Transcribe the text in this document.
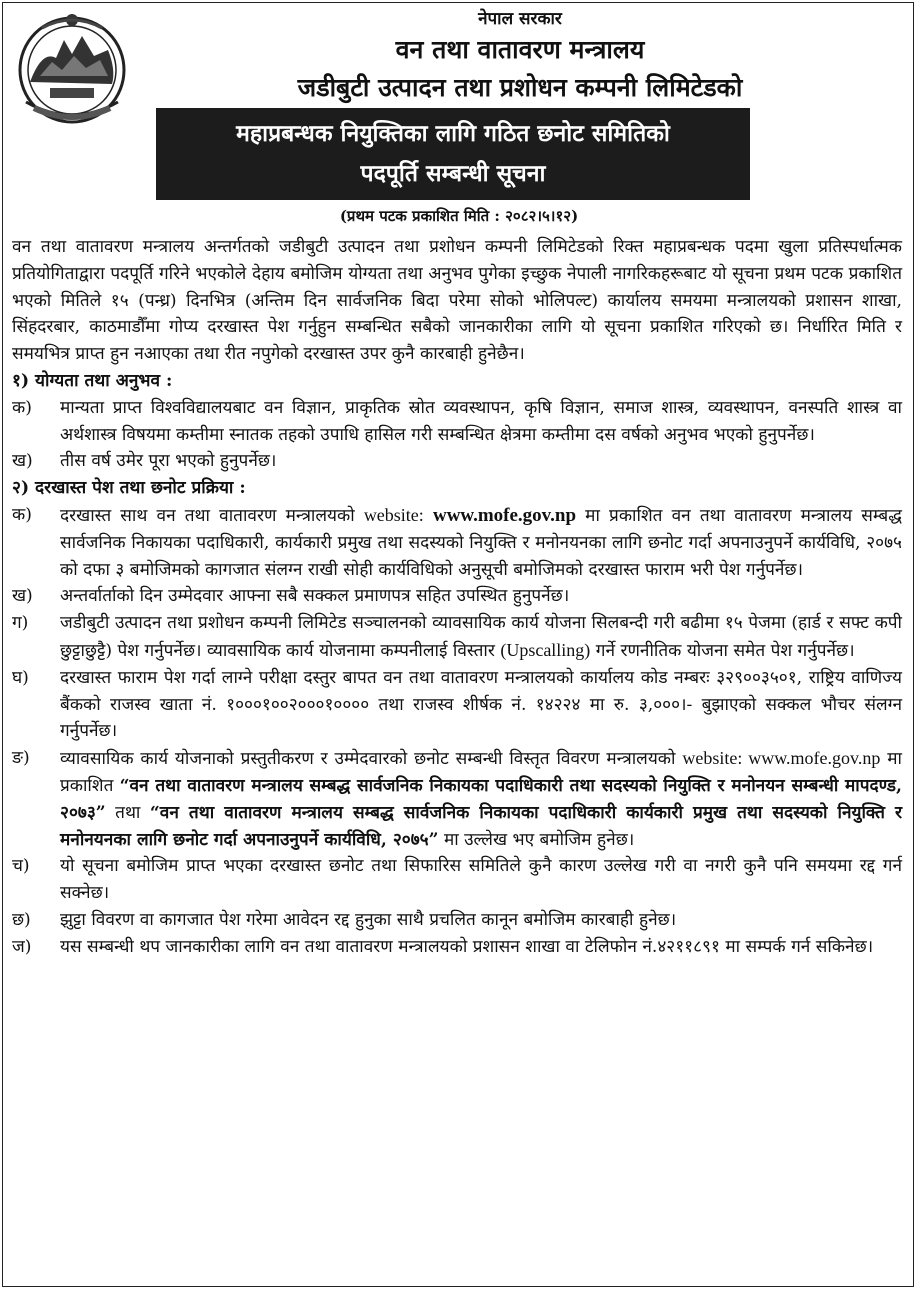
नेपाल सरकार
वन तथा वातावरण मन्त्रालय
जडीबुटी उत्पादन तथा प्रशोधन कम्पनी लिमिटेडको
महाप्रबन्धक नियुक्तिका लागि गठित छनोट समितिको
पदपूर्ति सम्बन्धी सूचना
(प्रथम पटक प्रकाशित मिति : २०८२।५।१२)

वन तथा वातावरण मन्त्रालय अन्तर्गतको जडीबुटी उत्पादन तथा प्रशोधन कम्पनी लिमिटेडको रिक्त महाप्रबन्धक पदमा खुला प्रतिस्पर्धात्मक प्रतियोगिताद्वारा पदपूर्ति गरिने भएकोले देहाय बमोजिम योग्यता तथा अनुभव पुगेका इच्छुक नेपाली नागरिकहरूबाट यो सूचना प्रथम पटक प्रकाशित भएको मितिले १५ (पन्ध्र) दिनभित्र (अन्तिम दिन सार्वजनिक बिदा परेमा सोको भोलिपल्ट) कार्यालय समयमा मन्त्रालयको प्रशासन शाखा, सिंहदरबार, काठमाडौँमा गोप्य दरखास्त पेश गर्नुहुन सम्बन्धित सबैको जानकारीका लागि यो सूचना प्रकाशित गरिएको छ। निर्धारित मिति र समयभित्र प्राप्त हुन नआएका तथा रीत नपुगेको दरखास्त उपर कुनै कारबाही हुनेछैन।

१) योग्यता तथा अनुभव :

क)	मान्यता प्राप्त विश्वविद्यालयबाट वन विज्ञान, प्राकृतिक स्रोत व्यवस्थापन, कृषि विज्ञान, समाज शास्त्र, व्यवस्थापन, वनस्पति शास्त्र वा अर्थशास्त्र विषयमा कम्तीमा स्नातक तहको उपाधि हासिल गरी सम्बन्धित क्षेत्रमा कम्तीमा दस वर्षको अनुभव भएको हुनुपर्नेछ।
ख)	तीस वर्ष उमेर पूरा भएको हुनुपर्नेछ।

२) दरखास्त पेश तथा छनोट प्रक्रिया :

क)	दरखास्त साथ वन तथा वातावरण मन्त्रालयको website: www.mofe.gov.np मा प्रकाशित वन तथा वातावरण मन्त्रालय सम्बद्ध सार्वजनिक निकायका पदाधिकारी, कार्यकारी प्रमुख तथा सदस्यको नियुक्ति र मनोनयनका लागि छनोट गर्दा अपनाउनुपर्ने कार्यविधि, २०७५ को दफा ३ बमोजिमको कागजात संलग्न राखी सोही कार्यविधिको अनुसूची बमोजिमको दरखास्त फाराम भरी पेश गर्नुपर्नेछ।
ख)	अन्तर्वार्ताको दिन उम्मेदवार आफ्ना सबै सक्कल प्रमाणपत्र सहित उपस्थित हुनुपर्नेछ।
ग)	जडीबुटी उत्पादन तथा प्रशोधन कम्पनी लिमिटेड सञ्चालनको व्यावसायिक कार्य योजना सिलबन्दी गरी बढीमा १५ पेजमा (हार्ड र सफ्ट कपी छुट्टाछुट्टै) पेश गर्नुपर्नेछ। व्यावसायिक कार्य योजनामा कम्पनीलाई विस्तार (Upscalling) गर्ने रणनीतिक योजना समेत पेश गर्नुपर्नेछ।
घ)	दरखास्त फाराम पेश गर्दा लाग्ने परीक्षा दस्तुर बापत वन तथा वातावरण मन्त्रालयको कार्यालय कोड नम्बरः ३२९००३५०१, राष्ट्रिय वाणिज्य बैंकको राजस्व खाता नं. १०००१००२०००१०००० तथा राजस्व शीर्षक नं. १४२२४ मा रु. ३,०००।- बुझाएको सक्कल भौचर संलग्न गर्नुपर्नेछ।
ङ)	व्यावसायिक कार्य योजनाको प्रस्तुतीकरण र उम्मेदवारको छनोट सम्बन्धी विस्तृत विवरण मन्त्रालयको website: www.mofe.gov.np मा प्रकाशित “वन तथा वातावरण मन्त्रालय सम्बद्ध सार्वजनिक निकायका पदाधिकारी तथा सदस्यको नियुक्ति र मनोनयन सम्बन्धी मापदण्ड, २०७३” तथा “वन तथा वातावरण मन्त्रालय सम्बद्ध सार्वजनिक निकायका पदाधिकारी कार्यकारी प्रमुख तथा सदस्यको नियुक्ति र मनोनयनका लागि छनोट गर्दा अपनाउनुपर्ने कार्यविधि, २०७५” मा उल्लेख भए बमोजिम हुनेछ।
च)	यो सूचना बमोजिम प्राप्त भएका दरखास्त छनोट तथा सिफारिस समितिले कुनै कारण उल्लेख गरी वा नगरी कुनै पनि समयमा रद्द गर्न सक्नेछ।
छ)	झुट्टा विवरण वा कागजात पेश गरेमा आवेदन रद्द हुनुका साथै प्रचलित कानून बमोजिम कारबाही हुनेछ।
ज)	यस सम्बन्धी थप जानकारीका लागि वन तथा वातावरण मन्त्रालयको प्रशासन शाखा वा टेलिफोन नं.४२११८९१ मा सम्पर्क गर्न सकिनेछ।
